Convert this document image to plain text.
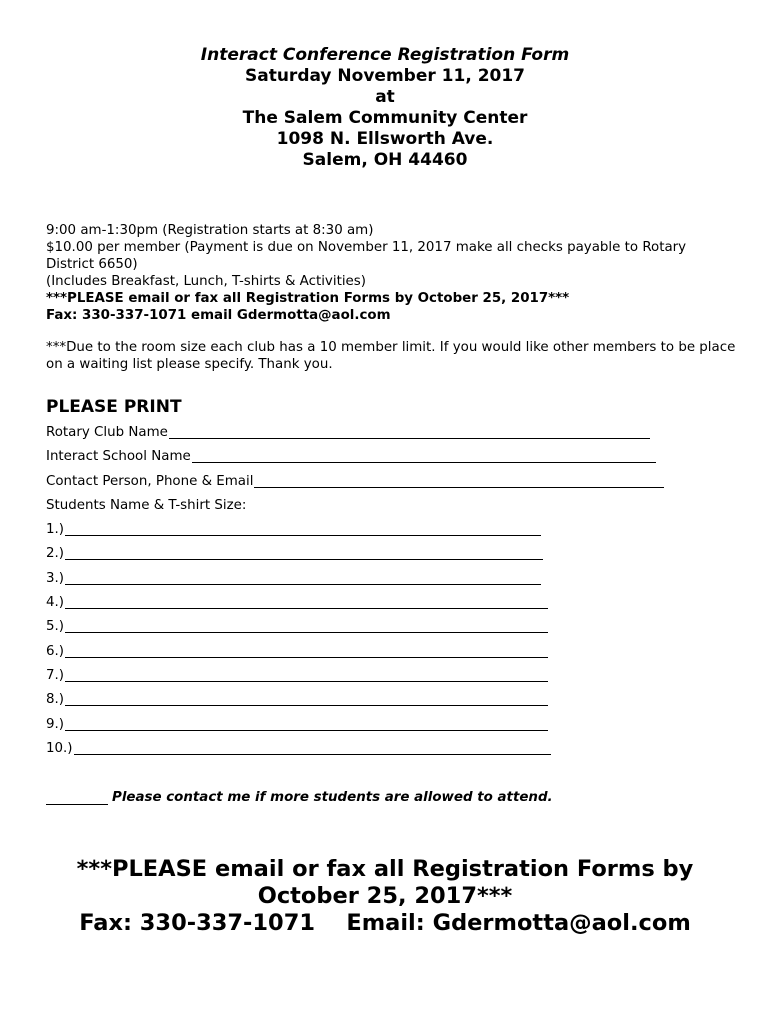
Interact Conference Registration Form
Saturday November 11, 2017
at
The Salem Community Center
1098 N. Ellsworth Ave.
Salem, OH 44460
9:00 am-1:30pm (Registration starts at 8:30 am)
$10.00 per member (Payment is due on November 11, 2017 make all checks payable to Rotary District 6650)
(Includes Breakfast, Lunch, T-shirts & Activities)
***PLEASE email or fax all Registration Forms by October 25, 2017***
Fax: 330-337-1071 email Gdermotta@aol.com
***Due to the room size each club has a 10 member limit. If you would like other members to be place on a waiting list please specify. Thank you.
PLEASE PRINT
Rotary Club Name
Interact School Name
Contact Person, Phone & Email
Students Name & T-shirt Size:
1.)
2.)
3.)
4.)
5.)
6.)
7.)
8.)
9.)
10.)
Please contact me if more students are allowed to attend.
***PLEASE email or fax all Registration Forms by
October 25, 2017***
Fax: 330-337-1071    Email: Gdermotta@aol.com
